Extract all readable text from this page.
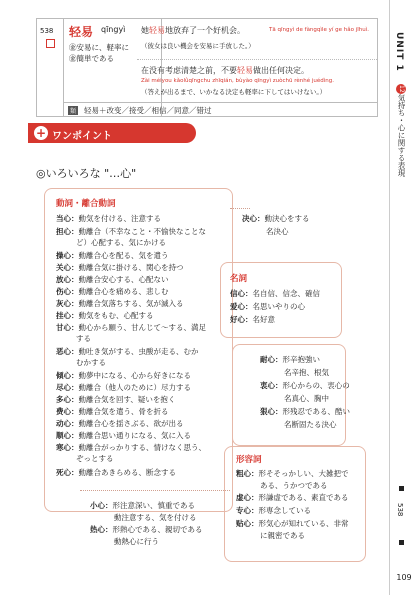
538 轻易 qīngyì
㊎安易に、軽率に
㊎簡単である
她轻易地放弃了一个好机会。	Tā qīngyì de fàngqìle yí ge hǎo jīhuì.
（彼女は良い機会を安易に手放した。）
在没有考虑清楚之前，不要轻易做出任何决定。
Zài méiyou kǎolǜqīngchu zhīqián, bùyào qīngyì zuòchū rènhé juédìng.
（答えが出るまで、いかなる決定も軽率に下してはいけない。）
類 轻易＋改变／接受／相信／同意／错过
UNIT 1
12気持ち・心に関する表現
538
109
+ ワンポイント
◎いろいろな "…心"
動詞・離合動詞
当心：動気を付ける、注意する
担心：動離合（不幸なこと・不愉快なことな
ど）心配する、気にかける
操心：動離合心を配る、気を遣う
关心：動離合気に掛ける、関心を持つ
放心：動離合安心する、心配ない
伤心：動離合心を痛める、悲しむ
灰心：動離合気落ちする、気が滅入る
挂心：動気をもむ、心配する
甘心：動心から願う、甘んじて〜する、満足
する
恶心：動吐き気がする、虫酸が走る、むか
むかする
倾心：動夢中になる、心から好きになる
尽心：動離合（他人のために）尽力する
多心：動離合気を回す、疑いを抱く
费心：動離合気を遣う、骨を折る
动心：動離合心を揺さぶる、欲が出る
顺心：動離合思い通りになる、気に入る
寒心：動離合がっかりする、情けなく思う、
ぞっとする
死心：動離合あきらめる、断念する
决心：動決心をする
名決心
名詞
信心：名自信、信念、確信
爱心：名思いやりの心
好心：名好意
耐心：形辛抱強い
名辛抱、根気
衷心：形心からの、衷心の
名真心、胸中
狠心：形残忍である、酷い
名断固たる決心
形容詞
粗心：形そそっかしい、大雑把で
ある、うかつである
虚心：形謙虚である、素直である
专心：形専念している
贴心：形気心が知れている、非常
に親密である
小心：形注意深い、慎重である
動注意する、気を付ける
热心：形熱心である、親切である
動熱心に行う
